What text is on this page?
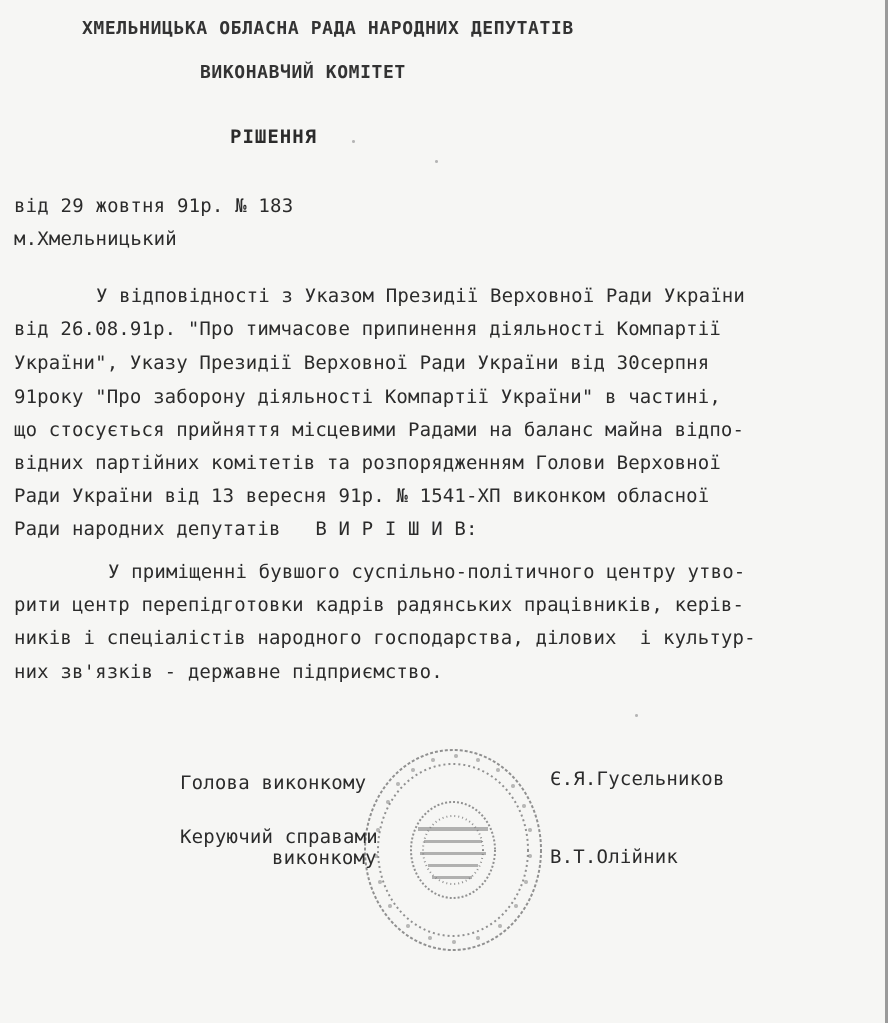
ХМЕЛЬНИЦЬКА ОБЛАСНА РАДА НАРОДНИХ ДЕПУТАТІВ
ВИКОНАВЧИЙ КОМІТЕТ
РІШЕННЯ
від 29 жовтня 91р. № 183
м.Хмельницький
У відповідності з Указом Президії Верховної Ради України
від 26.08.91р. "Про тимчасове припинення діяльності Компартії
України", Указу Президії Верховної Ради України від 30серпня
91року "Про заборону діяльності Компартії України" в частині,
що стосується прийняття місцевими Радами на баланс майна відпо-
відних партійних комітетів та розпорядженням Голови Верховної
Ради України від 13 вересня 91р. № 1541-ХП виконком обласної
Ради народних депутатів   В И Р І Ш И В:
У приміщенні бувшого суспільно-політичного центру утво-
рити центр перепідготовки кадрів радянських працівників, керів-
ників і спеціалістів народного господарства, ділових  і культур-
них зв'язків - державне підприємство.
Голова виконкому	Є.Я.Гусельников
Керуючий справами
виконкому	В.Т.Олійник
